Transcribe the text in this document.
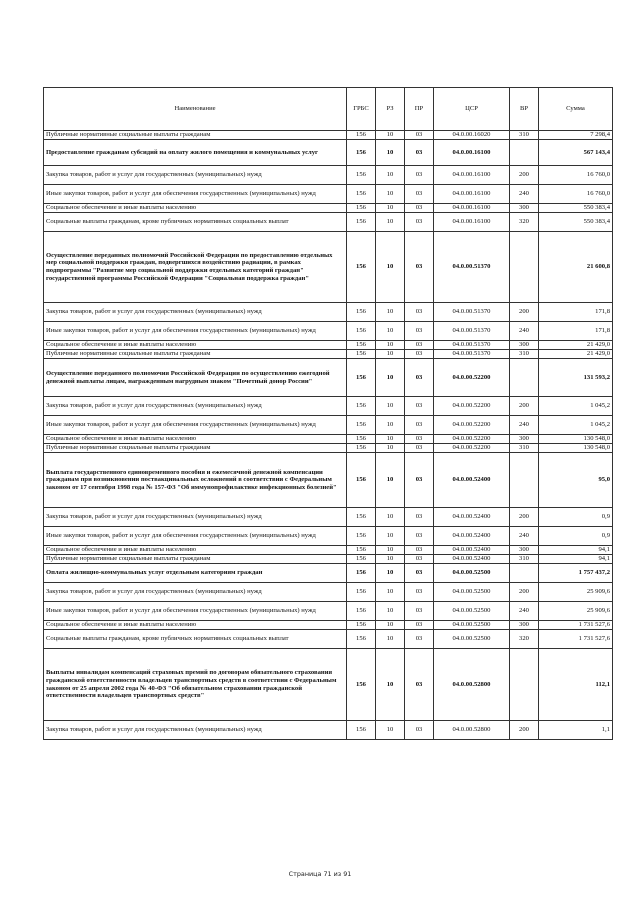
Наименование	ГРБС	РЗ	ПР	ЦСР	ВР	Сумма
Публичные нормативные социальные выплаты гражданам	156	10	03	04.0.00.16020	310	7 298,4
Предоставление гражданам субсидий на оплату жилого помещения и коммунальных услуг	156	10	03	04.0.00.16100		567 143,4
Закупка товаров, работ и услуг для государственных (муниципальных) нужд	156	10	03	04.0.00.16100	200	16 760,0
Иные закупки товаров, работ и услуг для обеспечения государственных (муниципальных) нужд	156	10	03	04.0.00.16100	240	16 760,0
Социальное обеспечение и иные выплаты населению	156	10	03	04.0.00.16100	300	550 383,4
Социальные выплаты гражданам, кроме публичных нормативных социальных выплат	156	10	03	04.0.00.16100	320	550 383,4
Осуществление переданных полномочий Российской Федерации по предоставлению отдельных мер социальной поддержки граждан, подвергшихся воздействию радиации, в рамках подпрограммы "Развитие мер социальной поддержки отдельных категорий граждан" государственной программы Российской Федерации "Социальная поддержка граждан"	156	10	03	04.0.00.51370		21 600,8
Закупка товаров, работ и услуг для государственных (муниципальных) нужд	156	10	03	04.0.00.51370	200	171,8
Иные закупки товаров, работ и услуг для обеспечения государственных (муниципальных) нужд	156	10	03	04.0.00.51370	240	171,8
Социальное обеспечение и иные выплаты населению	156	10	03	04.0.00.51370	300	21 429,0
Публичные нормативные социальные выплаты гражданам	156	10	03	04.0.00.51370	310	21 429,0
Осуществление переданного полномочия Российской Федерации по осуществлению ежегодной денежной выплаты лицам, награжденным нагрудным знаком "Почетный донор России"	156	10	03	04.0.00.52200		131 593,2
Закупка товаров, работ и услуг для государственных (муниципальных) нужд	156	10	03	04.0.00.52200	200	1 045,2
Иные закупки товаров, работ и услуг для обеспечения государственных (муниципальных) нужд	156	10	03	04.0.00.52200	240	1 045,2
Социальное обеспечение и иные выплаты населению	156	10	03	04.0.00.52200	300	130 548,0
Публичные нормативные социальные выплаты гражданам	156	10	03	04.0.00.52200	310	130 548,0
Выплата государственного единовременного пособия и ежемесячной денежной компенсации гражданам при возникновении поствакцинальных осложнений в соответствии с Федеральным законом от 17 сентября 1998 года № 157-ФЗ "Об иммунопрофилактике инфекционных болезней"	156	10	03	04.0.00.52400		95,0
Закупка товаров, работ и услуг для государственных (муниципальных) нужд	156	10	03	04.0.00.52400	200	0,9
Иные закупки товаров, работ и услуг для обеспечения государственных (муниципальных) нужд	156	10	03	04.0.00.52400	240	0,9
Социальное обеспечение и иные выплаты населению	156	10	03	04.0.00.52400	300	94,1
Публичные нормативные социальные выплаты гражданам	156	10	03	04.0.00.52400	310	94,1
Оплата жилищно-коммунальных услуг отдельным категориям граждан	156	10	03	04.0.00.52500		1 757 437,2
Закупка товаров, работ и услуг для государственных (муниципальных) нужд	156	10	03	04.0.00.52500	200	25 909,6
Иные закупки товаров, работ и услуг для обеспечения государственных (муниципальных) нужд	156	10	03	04.0.00.52500	240	25 909,6
Социальное обеспечение и иные выплаты населению	156	10	03	04.0.00.52500	300	1 731 527,6
Социальные выплаты гражданам, кроме публичных нормативных социальных выплат	156	10	03	04.0.00.52500	320	1 731 527,6
Выплаты инвалидам компенсаций страховых премий по договорам обязательного страхования гражданской ответственности владельцев транспортных средств в соответствии с Федеральным законом от 25 апреля 2002 года № 40-ФЗ "Об обязательном страховании гражданской ответственности владельцев транспортных средств"	156	10	03	04.0.00.52800		112,1
Закупка товаров, работ и услуг для государственных (муниципальных) нужд	156	10	03	04.0.00.52800	200	1,1
Страница 71 из 91
